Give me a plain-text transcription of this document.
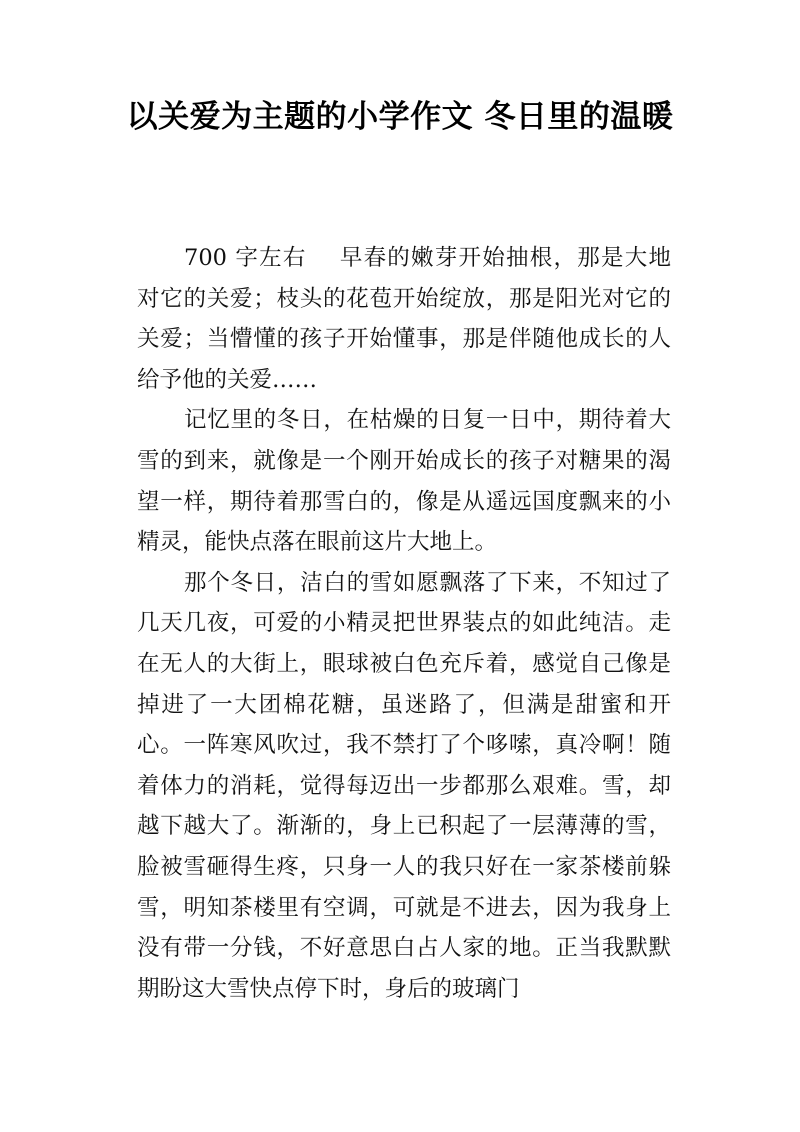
以关爱为主题的小学作文 冬日里的温暖

700 字左右 早春的嫩芽开始抽根，那是大地对它的关爱；枝头的花苞开始绽放，那是阳光对它的关爱；当懵懂的孩子开始懂事，那是伴随他成长的人给予他的关爱……

记忆里的冬日，在枯燥的日复一日中，期待着大雪的到来，就像是一个刚开始成长的孩子对糖果的渴望一样，期待着那雪白的，像是从遥远国度飘来的小精灵，能快点落在眼前这片大地上。

那个冬日，洁白的雪如愿飘落了下来，不知过了几天几夜，可爱的小精灵把世界装点的如此纯洁。走在无人的大街上，眼球被白色充斥着，感觉自己像是掉进了一大团棉花糖，虽迷路了，但满是甜蜜和开心。一阵寒风吹过，我不禁打了个哆嗦，真冷啊！随着体力的消耗，觉得每迈出一步都那么艰难。雪，却越下越大了。渐渐的，身上已积起了一层薄薄的雪，脸被雪砸得生疼，只身一人的我只好在一家茶楼前躲雪，明知茶楼里有空调，可就是不进去，因为我身上没有带一分钱，不好意思白占人家的地。正当我默默期盼这大雪快点停下时，身后的玻璃门
